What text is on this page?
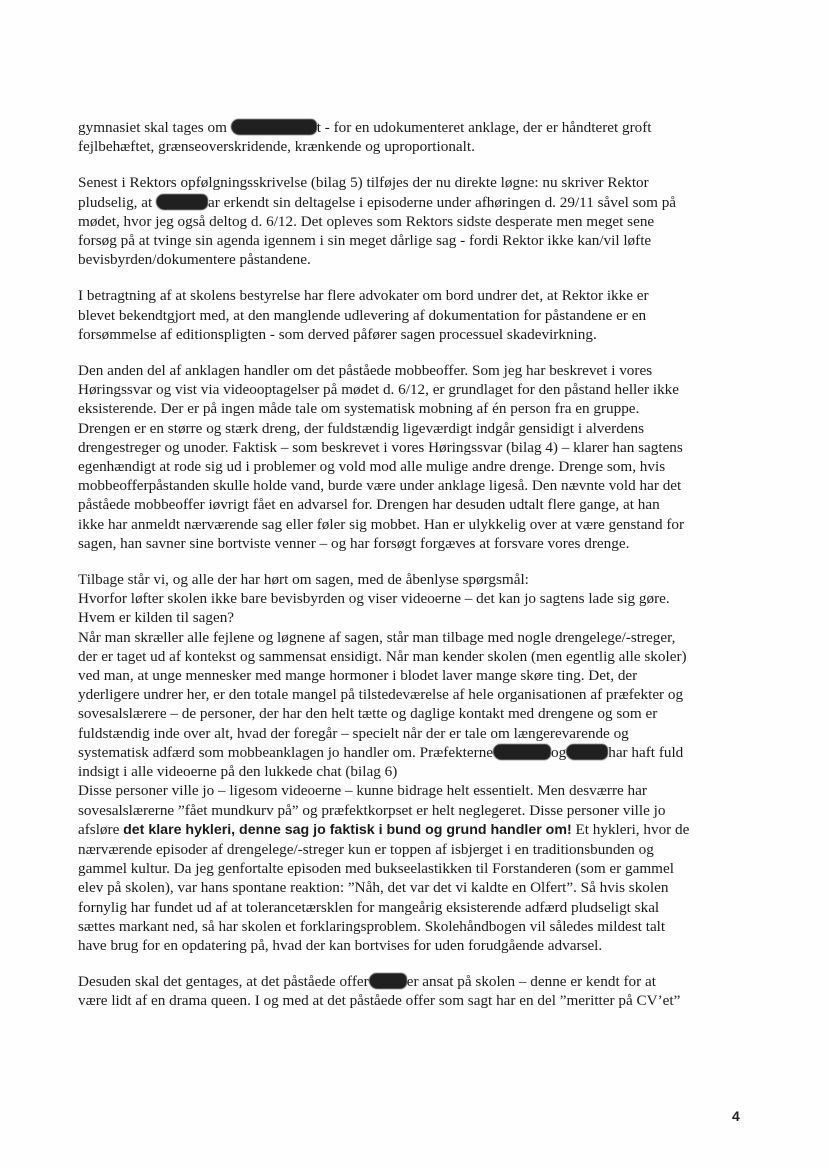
gymnasiet skal tages om	t - for en udokumenteret anklage, der er håndteret groft
fejlbehæftet, grænseoverskridende, krænkende og uproportionalt.
Senest i Rektors opfølgningsskrivelse (bilag 5) tilføjes der nu direkte løgne: nu skriver Rektor
pludselig, at	ar erkendt sin deltagelse i episoderne under afhøringen d. 29/11 såvel som på
mødet, hvor jeg også deltog d. 6/12. Det opleves som Rektors sidste desperate men meget sene
forsøg på at tvinge sin agenda igennem i sin meget dårlige sag - fordi Rektor ikke kan/vil løfte
bevisbyrden/dokumentere påstandene.
I betragtning af at skolens bestyrelse har flere advokater om bord undrer det, at Rektor ikke er
blevet bekendtgjort med, at den manglende udlevering af dokumentation for påstandene er en
forsømmelse af editionspligten - som derved påfører sagen processuel skadevirkning.
Den anden del af anklagen handler om det påståede mobbeoffer. Som jeg har beskrevet i vores
Høringssvar og vist via videooptagelser på mødet d. 6/12, er grundlaget for den påstand heller ikke
eksisterende. Der er på ingen måde tale om systematisk mobning af én person fra en gruppe.
Drengen er en større og stærk dreng, der fuldstændig ligeværdigt indgår gensidigt i alverdens
drengestreger og unoder. Faktisk – som beskrevet i vores Høringssvar (bilag 4) – klarer han sagtens
egenhændigt at rode sig ud i problemer og vold mod alle mulige andre drenge. Drenge som, hvis
mobbeofferpåstanden skulle holde vand, burde være under anklage ligeså. Den nævnte vold har det
påståede mobbeoffer iøvrigt fået en advarsel for. Drengen har desuden udtalt flere gange, at han
ikke har anmeldt nærværende sag eller føler sig mobbet. Han er ulykkelig over at være genstand for
sagen, han savner sine bortviste venner – og har forsøgt forgæves at forsvare vores drenge.
Tilbage står vi, og alle der har hørt om sagen, med de åbenlyse spørgsmål:
Hvorfor løfter skolen ikke bare bevisbyrden og viser videoerne – det kan jo sagtens lade sig gøre.
Hvem er kilden til sagen?
Når man skræller alle fejlene og løgnene af sagen, står man tilbage med nogle drengelege/-streger,
der er taget ud af kontekst og sammensat ensidigt. Når man kender skolen (men egentlig alle skoler)
ved man, at unge mennesker med mange hormoner i blodet laver mange skøre ting. Det, der
yderligere undrer her, er den totale mangel på tilstedeværelse af hele organisationen af præfekter og
sovesalslærere – de personer, der har den helt tætte og daglige kontakt med drengene og som er
fuldstændig inde over alt, hvad der foregår – specielt når der er tale om længerevarende og
systematisk adfærd som mobbeanklagen jo handler om. Præfekterne	og	har haft fuld
indsigt i alle videoerne på den lukkede chat (bilag 6)
Disse personer ville jo – ligesom videoerne – kunne bidrage helt essentielt. Men desværre har
sovesalslærerne ”fået mundkurv på” og præfektkorpset er helt neglegeret. Disse personer ville jo
afsløre det klare hykleri, denne sag jo faktisk i bund og grund handler om! Et hykleri, hvor de
nærværende episoder af drengelege/-streger kun er toppen af isbjerget i en traditionsbunden og
gammel kultur. Da jeg genfortalte episoden med bukseelastikken til Forstanderen (som er gammel
elev på skolen), var hans spontane reaktion: ”Nåh, det var det vi kaldte en Olfert”. Så hvis skolen
fornylig har fundet ud af at tolerancetærsklen for mangeårig eksisterende adfærd pludseligt skal
sættes markant ned, så har skolen et forklaringsproblem. Skolehåndbogen vil således mildest talt
have brug for en opdatering på, hvad der kan bortvises for uden forudgående advarsel.
Desuden skal det gentages, at det påståede offer	er ansat på skolen – denne er kendt for at
være lidt af en drama queen. I og med at det påståede offer som sagt har en del ”meritter på CV’et”
4
